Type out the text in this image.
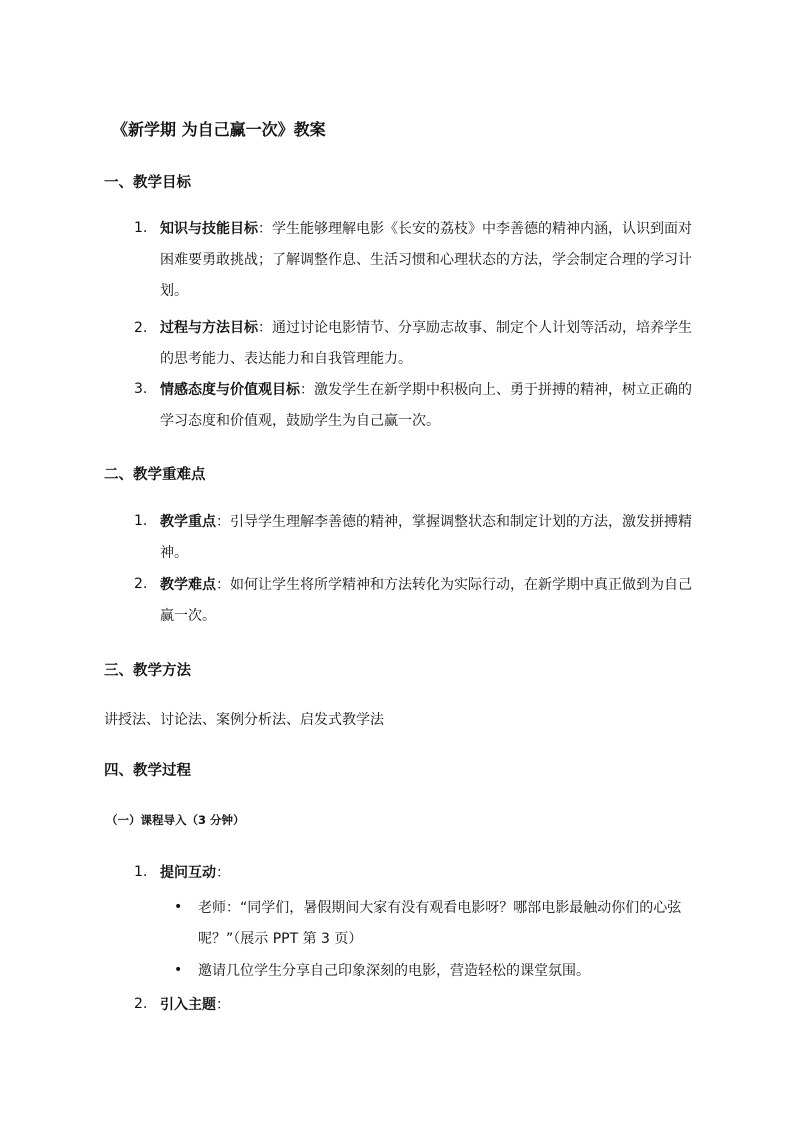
《新学期 为自己赢一次》教案
一、教学目标
1. 知识与技能目标：学生能够理解电影《长安的荔枝》中李善德的精神内涵，认识到面对困难要勇敢挑战；了解调整作息、生活习惯和心理状态的方法，学会制定合理的学习计划。
2. 过程与方法目标：通过讨论电影情节、分享励志故事、制定个人计划等活动，培养学生的思考能力、表达能力和自我管理能力。
3. 情感态度与价值观目标：激发学生在新学期中积极向上、勇于拼搏的精神，树立正确的学习态度和价值观，鼓励学生为自己赢一次。
二、教学重难点
1. 教学重点：引导学生理解李善德的精神，掌握调整状态和制定计划的方法，激发拼搏精神。
2. 教学难点：如何让学生将所学精神和方法转化为实际行动，在新学期中真正做到为自己赢一次。
三、教学方法
讲授法、讨论法、案例分析法、启发式教学法
四、教学过程
（一）课程导入（3 分钟）
1. 提问互动：
• 老师：“同学们，暑假期间大家有没有观看电影呀？哪部电影最触动你们的心弦呢？”（展示 PPT 第 3 页）
• 邀请几位学生分享自己印象深刻的电影，营造轻松的课堂氛围。
2. 引入主题：
